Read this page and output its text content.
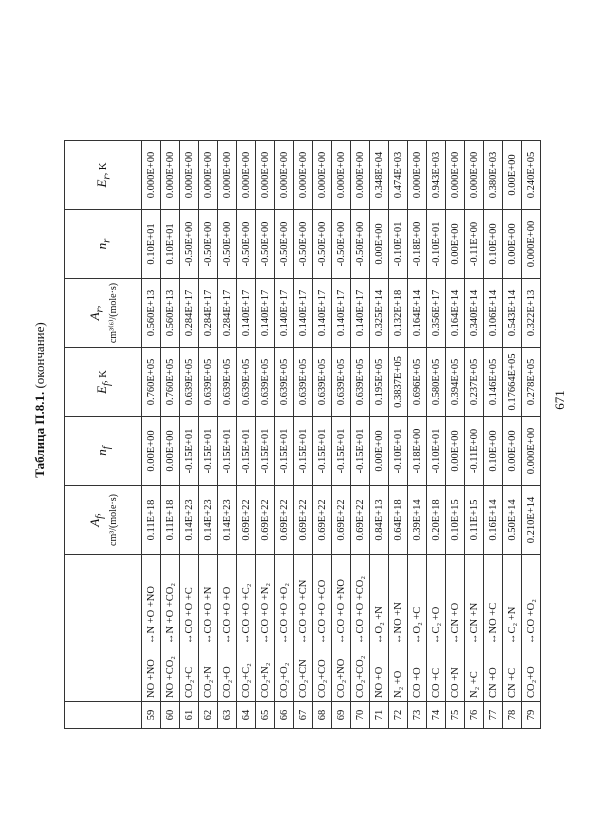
Таблица П.8.1. (окончание)
		$A_f$, cm³/(mole·s)	$n_f$	$E_f$, K	$A_r$, cm³⁽⁶⁾/(mole·s)	$n_r$	$E_r$, K
59	NO +NO↔N +O +NO	0.11E+18	0.00E+00	0.760E+05	0.560E+13	0.10E+01	0.000E+00
60	NO +CO₂↔N +O +CO₂	0.11E+18	0.00E+00	0.760E+05	0.560E+13	0.10E+01	0.000E+00
61	CO₂+C↔CO +O +C	0.14E+23	-0.15E+01	0.639E+05	0.284E+17	-0.50E+00	0.000E+00
62	CO₂+N↔CO +O +N	0.14E+23	-0.15E+01	0.639E+05	0.284E+17	-0.50E+00	0.000E+00
63	CO₂+O↔CO +O +O	0.14E+23	-0.15E+01	0.639E+05	0.284E+17	-0.50E+00	0.000E+00
64	CO₂+C₂↔CO +O +C₂	0.69E+22	-0.15E+01	0.639E+05	0.140E+17	-0.50E+00	0.000E+00
65	CO₂+N₂↔CO +O +N₂	0.69E+22	-0.15E+01	0.639E+05	0.140E+17	-0.50E+00	0.000E+00
66	CO₂+O₂↔CO +O +O₂	0.69E+22	-0.15E+01	0.639E+05	0.140E+17	-0.50E+00	0.000E+00
67	CO₂+CN↔CO +O +CN	0.69E+22	-0.15E+01	0.639E+05	0.140E+17	-0.50E+00	0.000E+00
68	CO₂+CO↔CO +O +CO	0.69E+22	-0.15E+01	0.639E+05	0.140E+17	-0.50E+00	0.000E+00
69	CO₂+NO↔CO +O +NO	0.69E+22	-0.15E+01	0.639E+05	0.140E+17	-0.50E+00	0.000E+00
70	CO₂+CO₂↔CO +O +CO₂	0.69E+22	-0.15E+01	0.639E+05	0.140E+17	-0.50E+00	0.000E+00
71	NO +O↔O₂ +N	0.84E+13	0.00E+00	0.195E+05	0.325E+14	0.00E+00	0.348E+04
72	N₂ +O↔NO +N	0.64E+18	-0.10E+01	0.3837E+05	0.132E+18	-0.10E+01	0.474E+03
73	CO +O↔O₂ +C	0.39E+14	-0.18E+00	0.696E+05	0.164E+14	-0.18E+00	0.000E+00
74	CO +C↔C₂ +O	0.20E+18	-0.10E+01	0.580E+05	0.356E+17	-0.10E+01	0.943E+03
75	CO +N↔CN +O	0.10E+15	0.00E+00	0.394E+05	0.164E+14	0.00E+00	0.000E+00
76	N₂ +C↔CN +N	0.11E+15	-0.11E+00	0.237E+05	0.340E+14	-0.11E+00	0.000E+00
77	CN +O↔NO +C	0.16E+14	0.10E+00	0.146E+05	0.106E+14	0.10E+00	0.380E+03
78	CN +C↔C₂ +N	0.50E+14	0.00E+00	0.17664E+05	0.543E+14	0.00E+00	0.00E+00
79	CO₂+O↔CO +O₂	0.210E+14	0.000E+00	0.278E+05	0.322E+13	0.000E+00	0.240E+05
671
